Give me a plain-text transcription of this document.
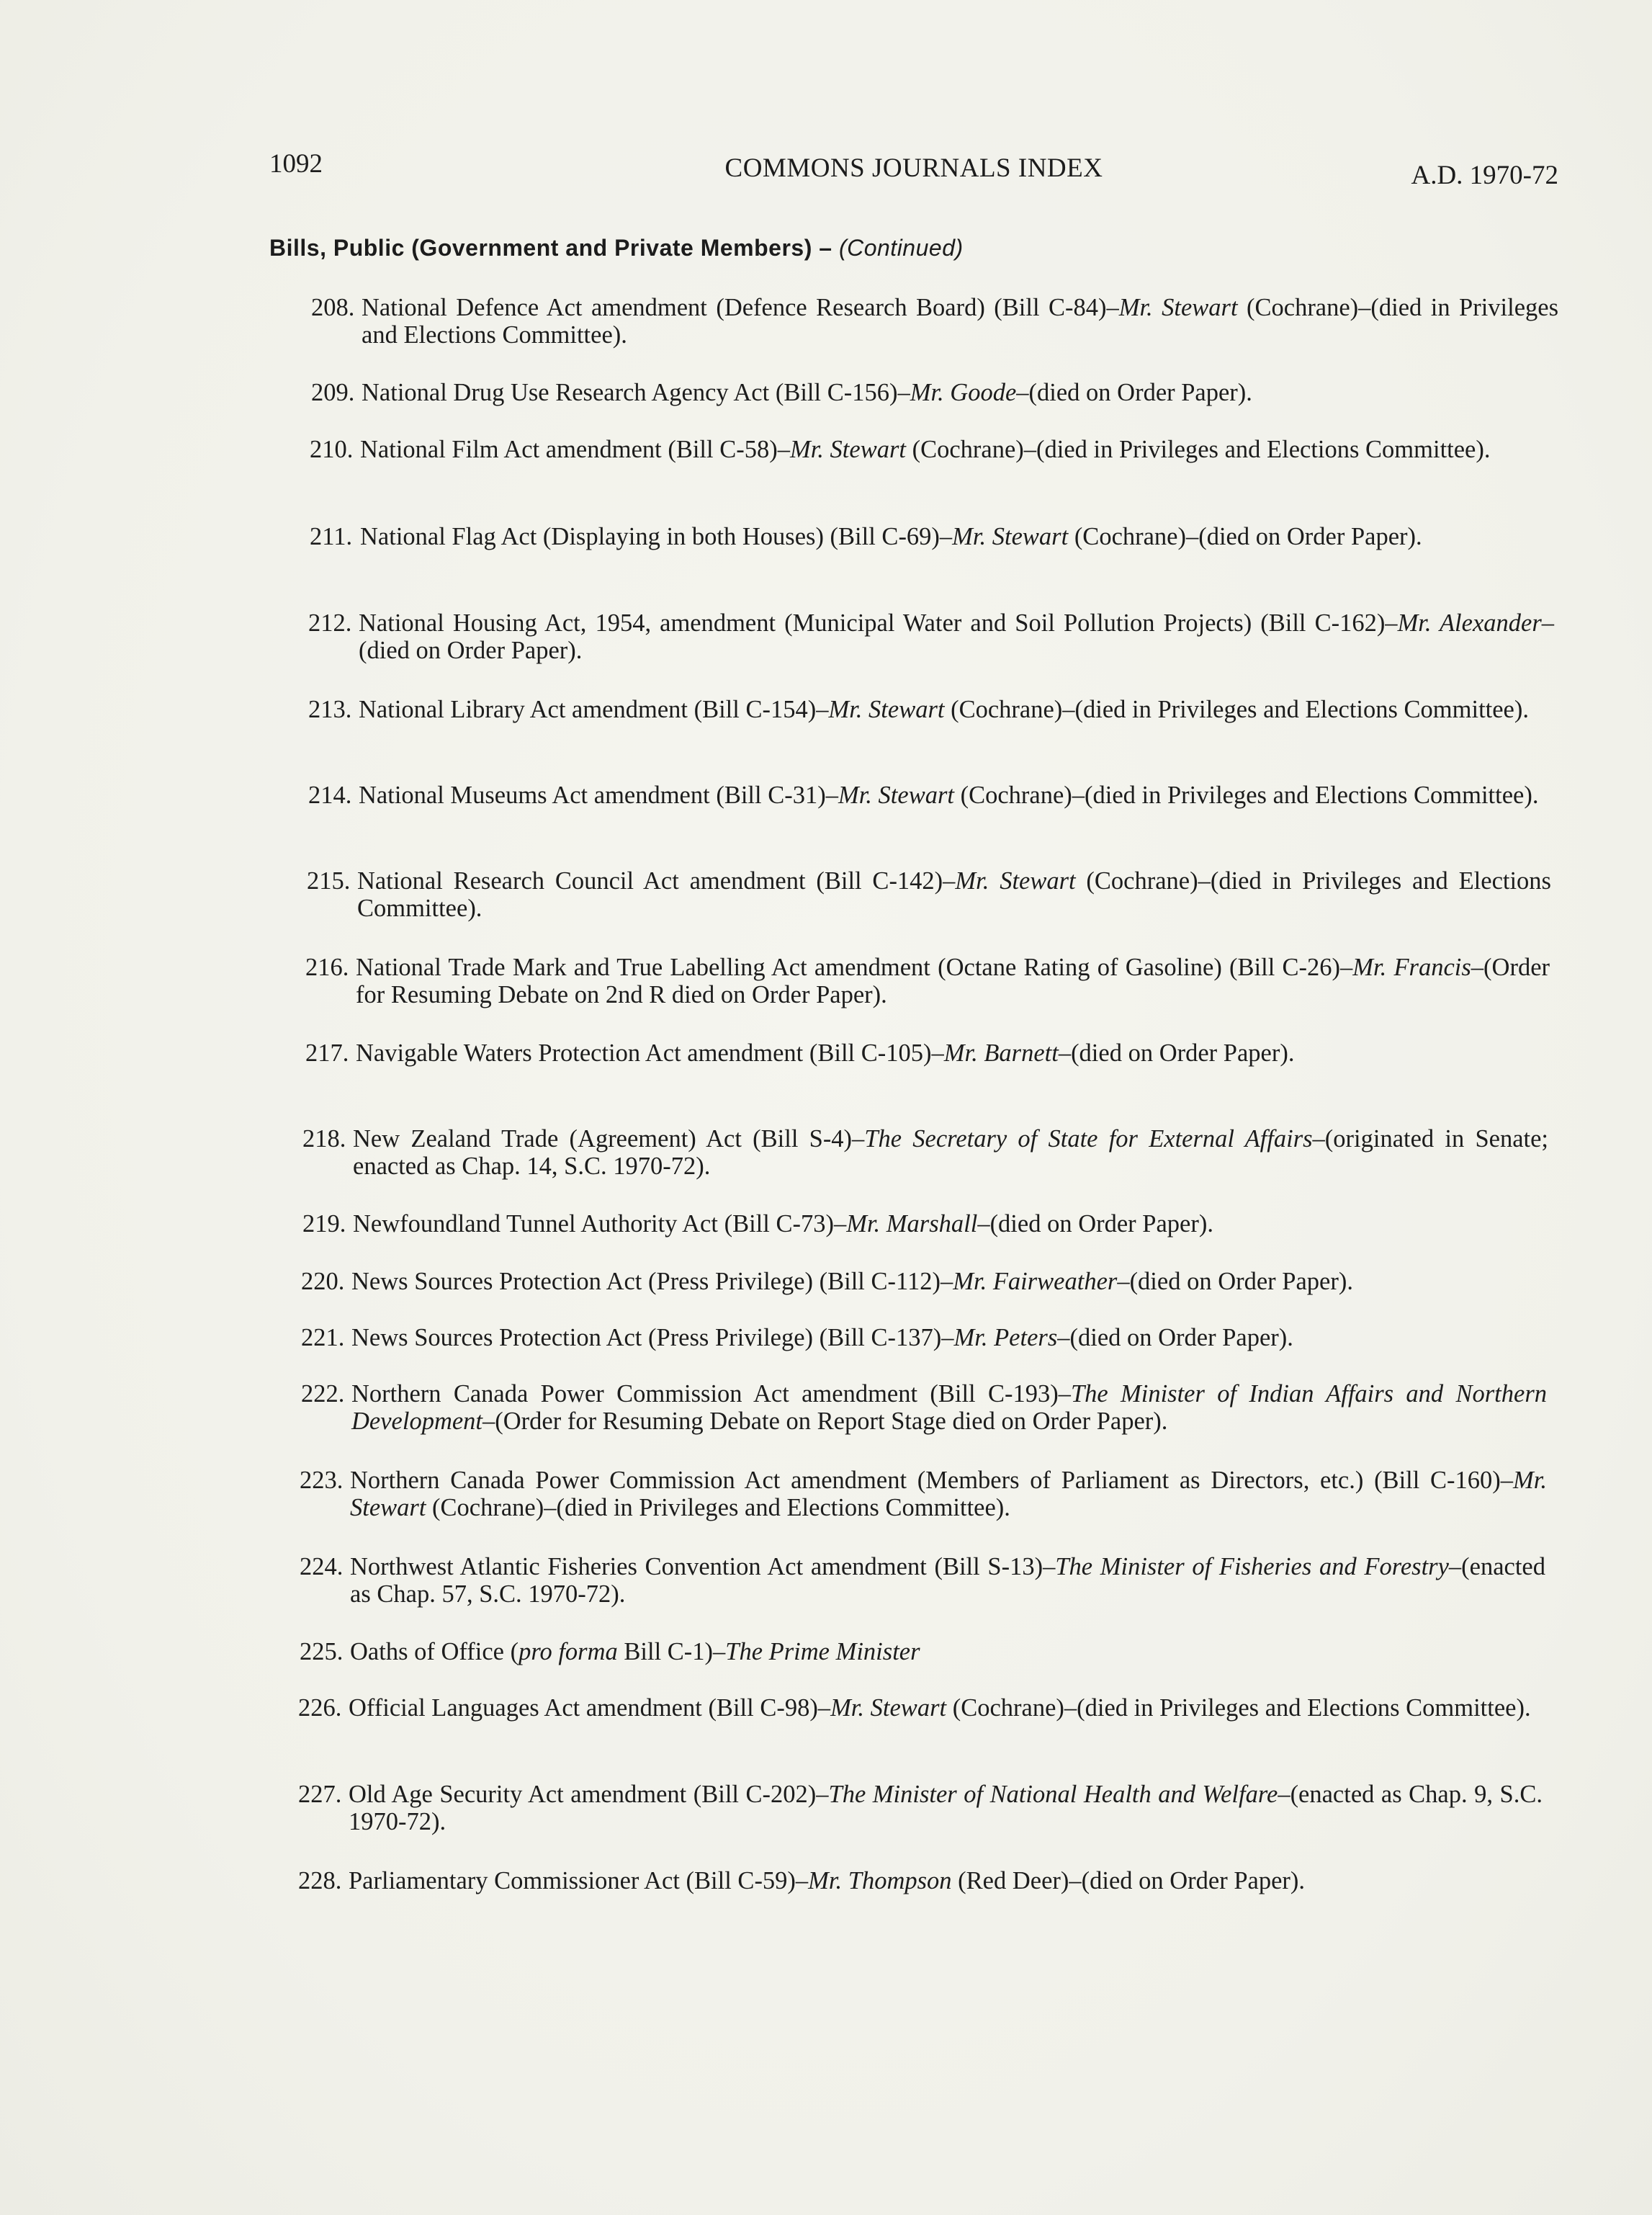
1092	COMMONS JOURNALS INDEX	A.D. 1970-72
Bills, Public (Government and Private Members) – (Continued)
208. National Defence Act amendment (Defence Research Board) (Bill C-84)–Mr. Stewart (Cochrane)–(died in Privileges and Elections Committee).
209. National Drug Use Research Agency Act (Bill C-156)–Mr. Goode–(died on Order Paper).
210. National Film Act amendment (Bill C-58)–Mr. Stewart (Cochrane)–(died in Privileges and Elections Committee).
211. National Flag Act (Displaying in both Houses) (Bill C-69)–Mr. Stewart (Cochrane)–(died on Order Paper).
212. National Housing Act, 1954, amendment (Municipal Water and Soil Pollution Projects) (Bill C-162)–Mr. Alexander–(died on Order Paper).
213. National Library Act amendment (Bill C-154)–Mr. Stewart (Cochrane)–(died in Privileges and Elections Committee).
214. National Museums Act amendment (Bill C-31)–Mr. Stewart (Cochrane)–(died in Privileges and Elections Committee).
215. National Research Council Act amendment (Bill C-142)–Mr. Stewart (Cochrane)–(died in Privileges and Elections Committee).
216. National Trade Mark and True Labelling Act amendment (Octane Rating of Gasoline) (Bill C-26)–Mr. Francis–(Order for Resuming Debate on 2nd R died on Order Paper).
217. Navigable Waters Protection Act amendment (Bill C-105)–Mr. Barnett–(died on Order Paper).
218. New Zealand Trade (Agreement) Act (Bill S-4)–The Secretary of State for External Affairs–(originated in Senate; enacted as Chap. 14, S.C. 1970-72).
219. Newfoundland Tunnel Authority Act (Bill C-73)–Mr. Marshall–(died on Order Paper).
220. News Sources Protection Act (Press Privilege) (Bill C-112)–Mr. Fairweather–(died on Order Paper).
221. News Sources Protection Act (Press Privilege) (Bill C-137)–Mr. Peters–(died on Order Paper).
222. Northern Canada Power Commission Act amendment (Bill C-193)–The Minister of Indian Affairs and Northern Development–(Order for Resuming Debate on Report Stage died on Order Paper).
223. Northern Canada Power Commission Act amendment (Members of Parliament as Directors, etc.) (Bill C-160)–Mr. Stewart (Cochrane)–(died in Privileges and Elections Committee).
224. Northwest Atlantic Fisheries Convention Act amendment (Bill S-13)–The Minister of Fisheries and Forestry–(enacted as Chap. 57, S.C. 1970-72).
225. Oaths of Office (pro forma Bill C-1)–The Prime Minister
226. Official Languages Act amendment (Bill C-98)–Mr. Stewart (Cochrane)–(died in Privileges and Elections Committee).
227. Old Age Security Act amendment (Bill C-202)–The Minister of National Health and Welfare–(enacted as Chap. 9, S.C. 1970-72).
228. Parliamentary Commissioner Act (Bill C-59)–Mr. Thompson (Red Deer)–(died on Order Paper).
